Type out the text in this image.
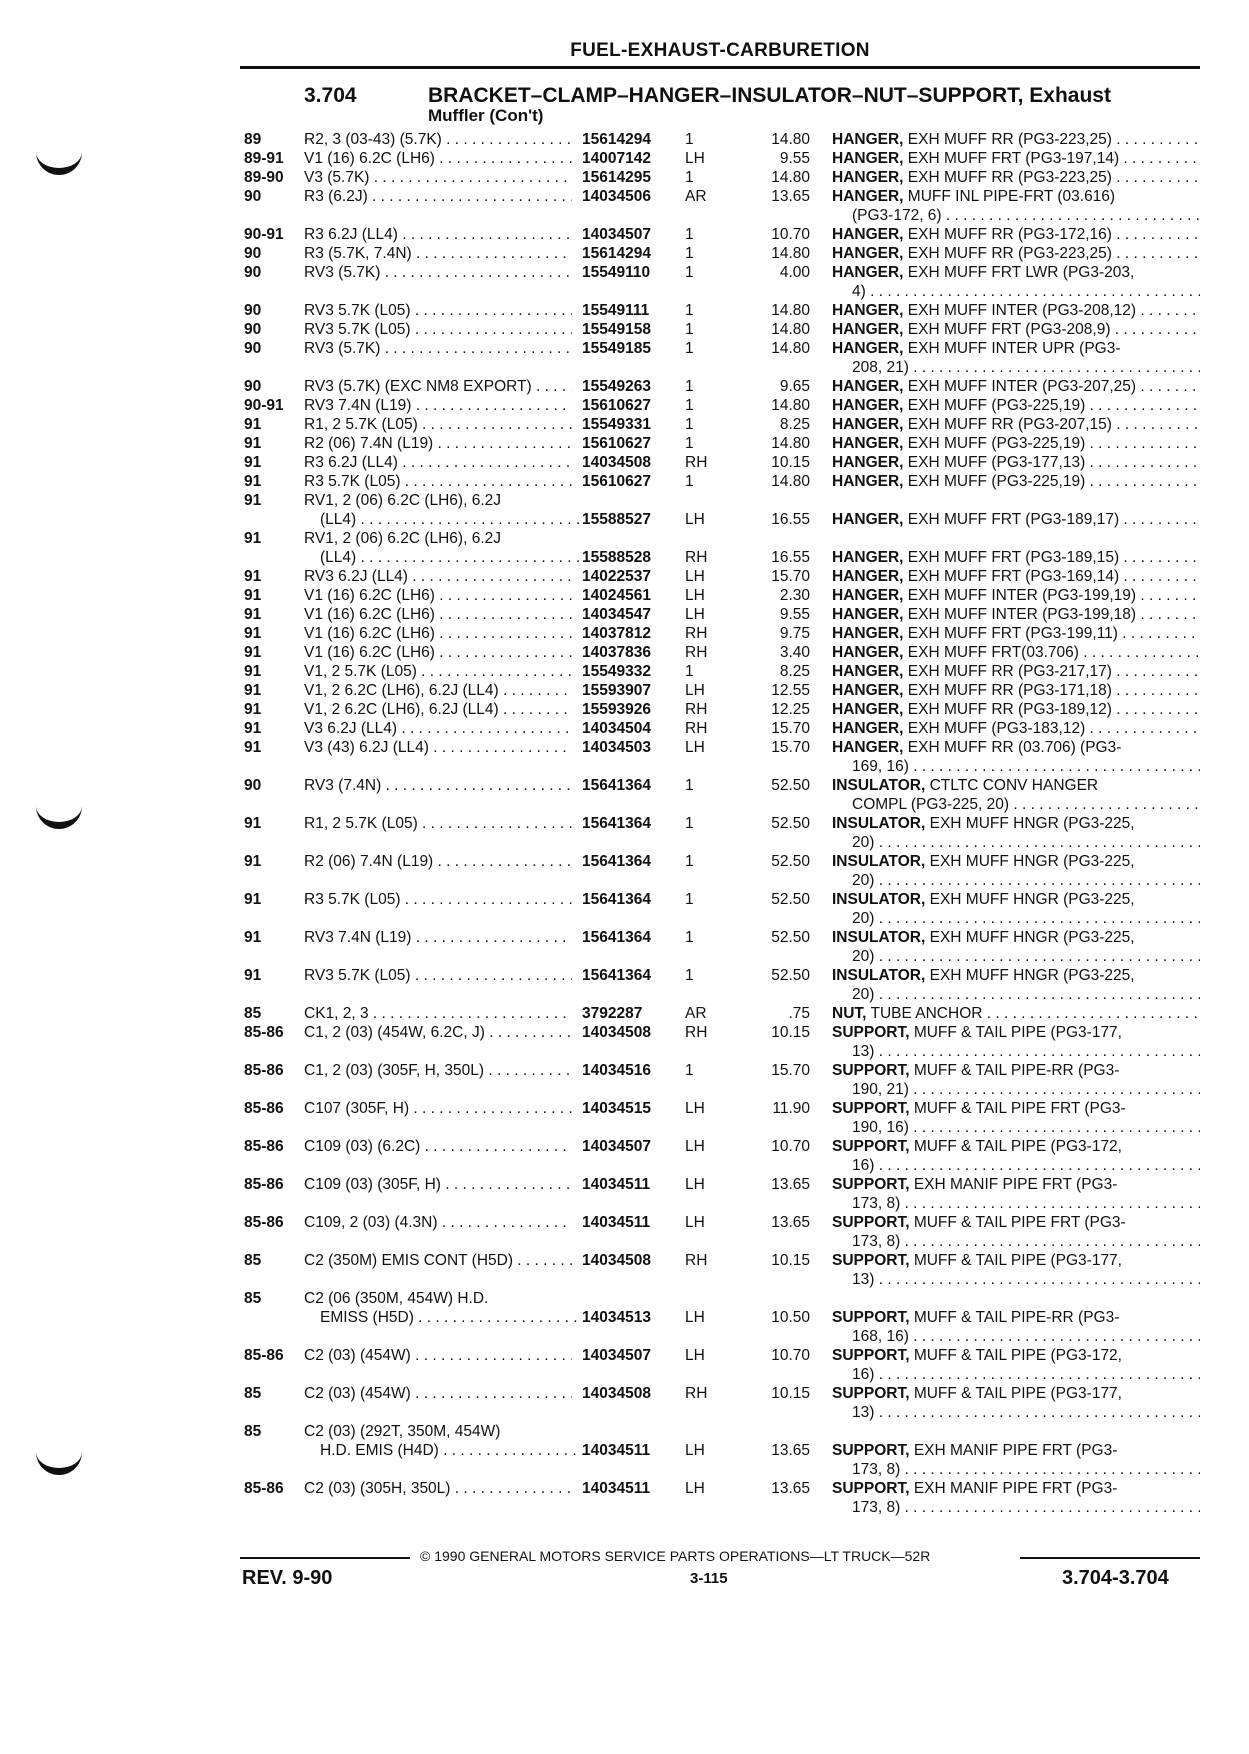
FUEL-EXHAUST-CARBURETION
3.704	BRACKET–CLAMP–HANGER–INSULATOR–NUT–SUPPORT, Exhaust
Muffler (Con't)
89	R2, 3 (03-43) (5.7K) . . .	15614294 1	14.80 HANGER, EXH MUFF RR (PG3-223,25) . . .
89-91 V1 (16) 6.2C (LH6) . . .	14007142 LH	9.55 HANGER, EXH MUFF FRT (PG3-197,14) . . .
89-90 V3 (5.7K) . . .	15614295 1	14.80 HANGER, EXH MUFF RR (PG3-223,25) . . .
90	R3 (6.2J) . . .	14034506 AR	13.65 HANGER, MUFF INL PIPE-FRT (03.616)
(PG3-172, 6) . . .
90-91 R3 6.2J (LL4) . . .	14034507 1	10.70 HANGER, EXH MUFF RR (PG3-172,16) . . .
90	R3 (5.7K, 7.4N) . . .	15614294 1	14.80 HANGER, EXH MUFF RR (PG3-223,25) . . .
90	RV3 (5.7K) . . .	15549110 1	4.00 HANGER, EXH MUFF FRT LWR (PG3-203,
4) . . .
90	RV3 5.7K (L05) . . .	15549111 1	14.80 HANGER, EXH MUFF INTER (PG3-208,12) . . .
90	RV3 5.7K (L05) . . .	15549158 1	14.80 HANGER, EXH MUFF FRT (PG3-208,9) . . .
90	RV3 (5.7K) . . .	15549185 1	14.80 HANGER, EXH MUFF INTER UPR (PG3-
208, 21) . . .
90	RV3 (5.7K) (EXC NM8 EXPORT) . . .	15549263 1	9.65 HANGER, EXH MUFF INTER (PG3-207,25) . . .
90-91 RV3 7.4N (L19) . . .	15610627 1	14.80 HANGER, EXH MUFF (PG3-225,19) . . .
91	R1, 2 5.7K (L05) . . .	15549331 1	8.25 HANGER, EXH MUFF RR (PG3-207,15) . . .
91	R2 (06) 7.4N (L19) . . .	15610627 1	14.80 HANGER, EXH MUFF (PG3-225,19) . . .
91	R3 6.2J (LL4) . . .	14034508 RH	10.15 HANGER, EXH MUFF (PG3-177,13) . . .
91	R3 5.7K (L05) . . .	15610627 1	14.80 HANGER, EXH MUFF (PG3-225,19) . . .
91	RV1, 2 (06) 6.2C (LH6), 6.2J
(LL4) . . .	15588527 LH	16.55 HANGER, EXH MUFF FRT (PG3-189,17) . . .
91	RV1, 2 (06) 6.2C (LH6), 6.2J
(LL4) . . .	15588528 RH	16.55 HANGER, EXH MUFF FRT (PG3-189,15) . . .
91	RV3 6.2J (LL4) . . .	14022537 LH	15.70 HANGER, EXH MUFF FRT (PG3-169,14) . . .
91	V1 (16) 6.2C (LH6) . . .	14024561 LH	2.30 HANGER, EXH MUFF INTER (PG3-199,19) . . .
91	V1 (16) 6.2C (LH6) . . .	14034547 LH	9.55 HANGER, EXH MUFF INTER (PG3-199,18) . . .
91	V1 (16) 6.2C (LH6) . . .	14037812 RH	9.75 HANGER, EXH MUFF FRT (PG3-199,11) . . .
91	V1 (16) 6.2C (LH6) . . .	14037836 RH	3.40 HANGER, EXH MUFF FRT(03.706) . . .
91	V1, 2 5.7K (L05) . . .	15549332 1	8.25 HANGER, EXH MUFF RR (PG3-217,17) . . .
91	V1, 2 6.2C (LH6), 6.2J (LL4) . . .	15593907 LH	12.55 HANGER, EXH MUFF RR (PG3-171,18) . . .
91	V1, 2 6.2C (LH6), 6.2J (LL4) . . .	15593926 RH	12.25 HANGER, EXH MUFF RR (PG3-189,12) . . .
91	V3 6.2J (LL4) . . .	14034504 RH	15.70 HANGER, EXH MUFF (PG3-183,12) . . .
91	V3 (43) 6.2J (LL4) . . .	14034503 LH	15.70 HANGER, EXH MUFF RR (03.706) (PG3-
169, 16) . . .
90	RV3 (7.4N) . . .	15641364 1	52.50 INSULATOR, CTLTC CONV HANGER
COMPL (PG3-225, 20) . . .
91	R1, 2 5.7K (L05) . . .	15641364 1	52.50 INSULATOR, EXH MUFF HNGR (PG3-225,
20) . . .
91	R2 (06) 7.4N (L19) . . .	15641364 1	52.50 INSULATOR, EXH MUFF HNGR (PG3-225,
20) . . .
91	R3 5.7K (L05) . . .	15641364 1	52.50 INSULATOR, EXH MUFF HNGR (PG3-225,
20) . . .
91	RV3 7.4N (L19) . . .	15641364 1	52.50 INSULATOR, EXH MUFF HNGR (PG3-225,
20) . . .
91	RV3 5.7K (L05) . . .	15641364 1	52.50 INSULATOR, EXH MUFF HNGR (PG3-225,
20) . . .
85	CK1, 2, 3 . . .	3792287	AR	.75 NUT, TUBE ANCHOR . . .
85-86 C1, 2 (03) (454W, 6.2C, J) . . .	14034508 RH	10.15 SUPPORT, MUFF & TAIL PIPE (PG3-177,
13) . . .
85-86 C1, 2 (03) (305F, H, 350L) . . .	14034516 1	15.70 SUPPORT, MUFF & TAIL PIPE-RR (PG3-
190, 21) . . .
85-86 C107 (305F, H) . . .	14034515 LH	11.90 SUPPORT, MUFF & TAIL PIPE FRT (PG3-
190, 16) . . .
85-86 C109 (03) (6.2C) . . .	14034507 LH	10.70 SUPPORT, MUFF & TAIL PIPE (PG3-172,
16) . . .
85-86 C109 (03) (305F, H) . . .	14034511 LH	13.65 SUPPORT, EXH MANIF PIPE FRT (PG3-
173, 8) . . .
85-86 C109, 2 (03) (4.3N) . . .	14034511 LH	13.65 SUPPORT, MUFF & TAIL PIPE FRT (PG3-
173, 8) . . .
85	C2 (350M) EMIS CONT (H5D) . . .	14034508 RH	10.15 SUPPORT, MUFF & TAIL PIPE (PG3-177,
13) . . .
85	C2 (06 (350M, 454W) H.D.
EMISS (H5D) . . .	14034513 LH	10.50 SUPPORT, MUFF & TAIL PIPE-RR (PG3-
168, 16) . . .
85-86 C2 (03) (454W) . . .	14034507 LH	10.70 SUPPORT, MUFF & TAIL PIPE (PG3-172,
16) . . .
85	C2 (03) (454W) . . .	14034508 RH	10.15 SUPPORT, MUFF & TAIL PIPE (PG3-177,
13) . . .
85	C2 (03) (292T, 350M, 454W)
H.D. EMIS (H4D) . . .	14034511 LH	13.65 SUPPORT, EXH MANIF PIPE FRT (PG3-
173, 8) . . .
85-86 C2 (03) (305H, 350L) . . .	14034511 LH	13.65 SUPPORT, EXH MANIF PIPE FRT (PG3-
173, 8) . . .
© 1990 GENERAL MOTORS SERVICE PARTS OPERATIONS—LT TRUCK—52R
REV. 9-90	3-115	3.704-3.704
